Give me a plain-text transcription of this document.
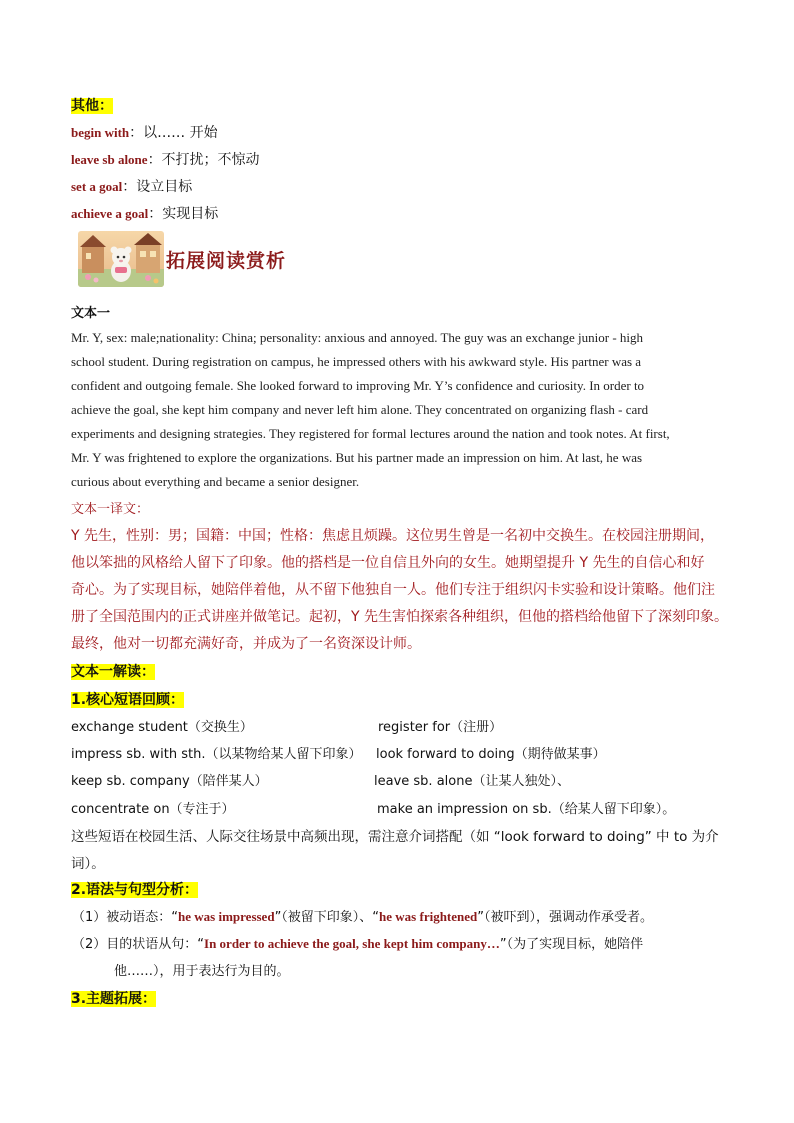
其他：
begin with：以…… 开始
leave sb alone：不打扰；不惊动
set a goal：设立目标
achieve a goal：实现目标
拓展阅读赏析
文本一
Mr. Y, sex: male;nationality: China; personality: anxious and annoyed. The guy was an exchange junior - high
school student. During registration on campus, he impressed others with his awkward style. His partner was a
confident and outgoing female. She looked forward to improving Mr. Y’s confidence and curiosity. In order to
achieve the goal, she kept him company and never left him alone. They concentrated on organizing flash - card
experiments and designing strategies. They registered for formal lectures around the nation and took notes. At first,
Mr. Y was frightened to explore the organizations. But his partner made an impression on him. At last, he was
curious about everything and became a senior designer.
文本一译文：
Y 先生，性别：男；国籍：中国；性格：焦虑且烦躁。这位男生曾是一名初中交换生。在校园注册期间，
他以笨拙的风格给人留下了印象。他的搭档是一位自信且外向的女生。她期望提升 Y 先生的自信心和好
奇心。为了实现目标，她陪伴着他，从不留下他独自一人。他们专注于组织闪卡实验和设计策略。他们注
册了全国范围内的正式讲座并做笔记。起初，Y 先生害怕探索各种组织，但他的搭档给他留下了深刻印象。
最终，他对一切都充满好奇，并成为了一名资深设计师。
文本一解读：
1.核心短语回顾：
exchange student（交换生）	register for（注册）
impress sb. with sth.（以某物给某人留下印象） look forward to doing（期待做某事）
keep sb. company（陪伴某人）	leave sb. alone（让某人独处）、
concentrate on（专注于）	make an impression on sb.（给某人留下印象）。
这些短语在校园生活、人际交往场景中高频出现，需注意介词搭配（如 “look forward to doing” 中 to 为介
词）。
2.语法与句型分析：
（1）被动语态：“he was impressed”（被留下印象）、“he was frightened”（被吓到），强调动作承受者。
（2）目的状语从句：“In order to achieve the goal, she kept him company…”（为了实现目标，她陪伴
他……），用于表达行为目的。
3.主题拓展：
